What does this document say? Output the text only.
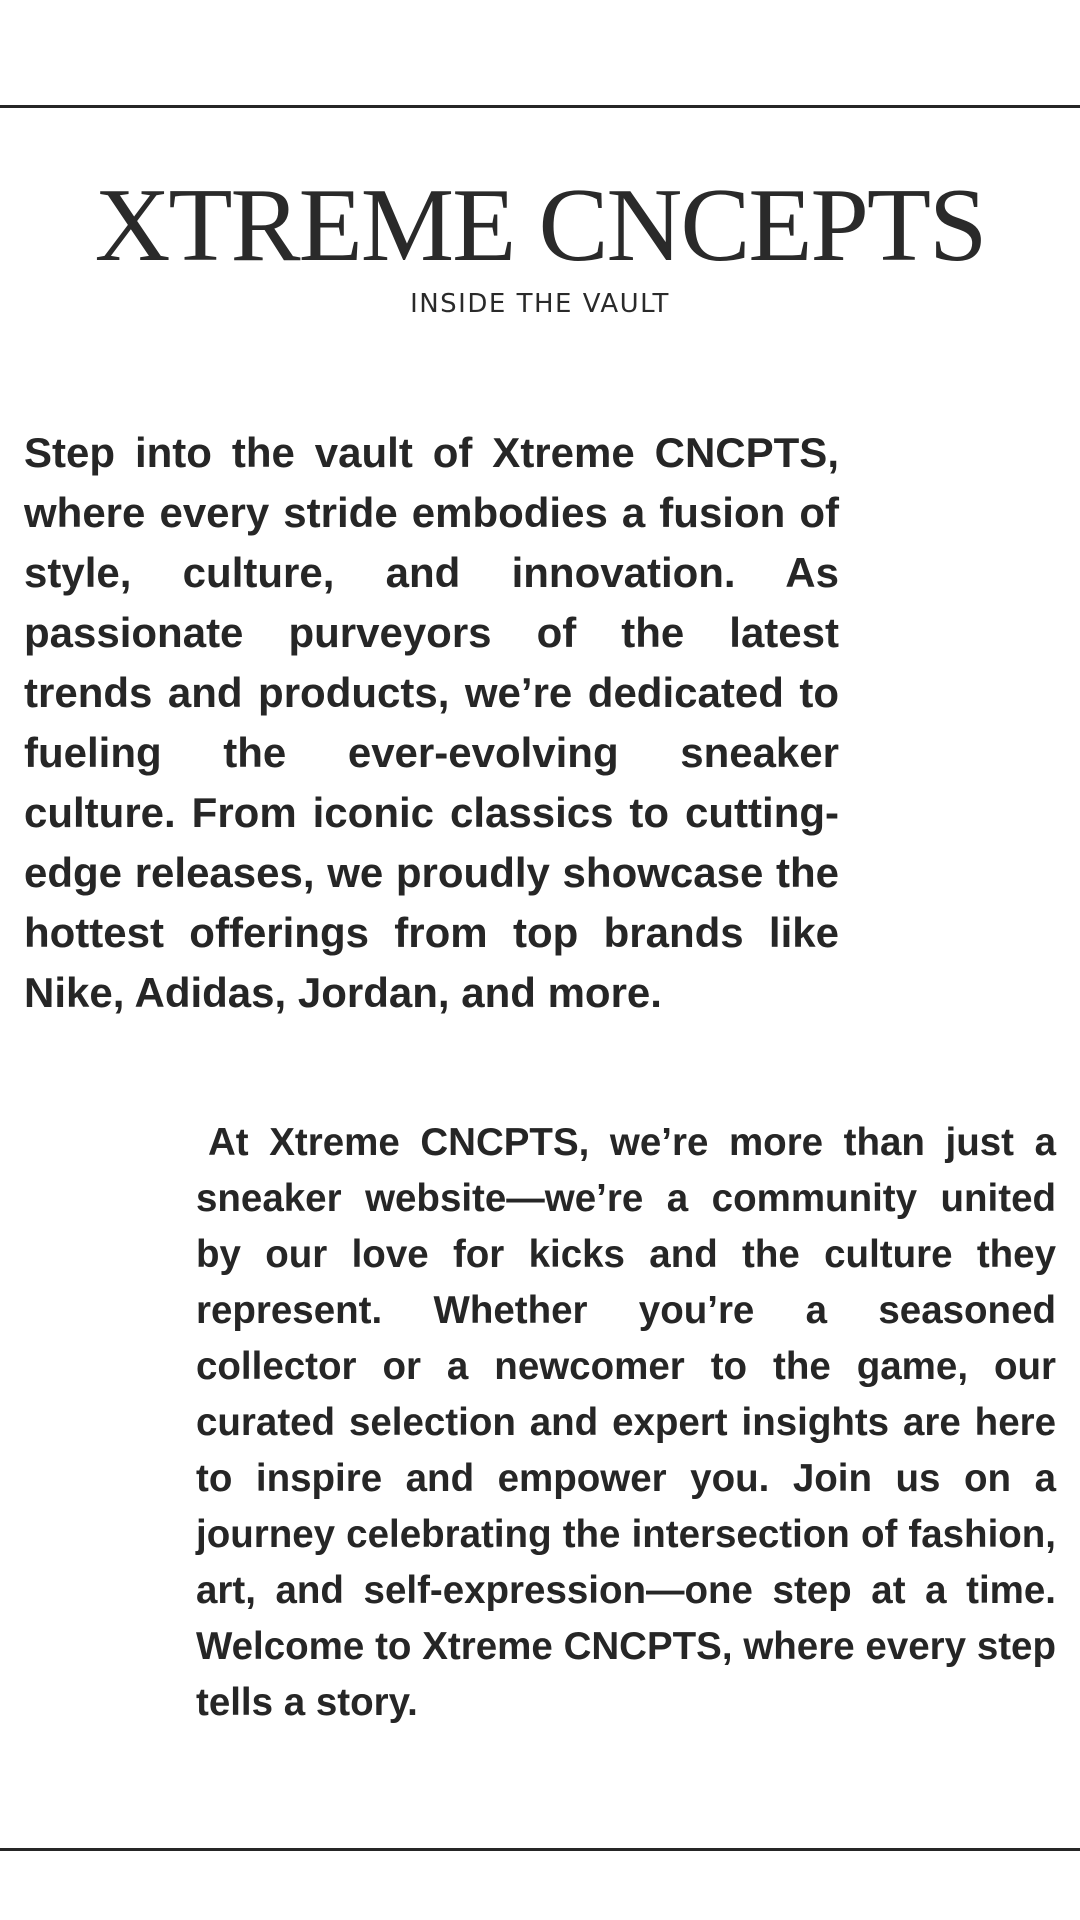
XTREME CNCEPTS
INSIDE THE VAULT

Step into the vault of Xtreme CNCPTS, where every stride embodies a fusion of style, culture, and innovation. As passionate purveyors of the latest trends and products, we’re dedicated to fueling the ever-evolving sneaker culture. From iconic classics to cutting-edge releases, we proudly showcase the hottest offerings from top brands like Nike, Adidas, Jordan, and more.

At Xtreme CNCPTS, we’re more than just a sneaker website—we’re a community united by our love for kicks and the culture they represent. Whether you’re a seasoned collector or a newcomer to the game, our curated selection and expert insights are here to inspire and empower you. Join us on a journey celebrating the intersection of fashion, art, and self-expression—one step at a time. Welcome to Xtreme CNCPTS, where every step tells a story.
